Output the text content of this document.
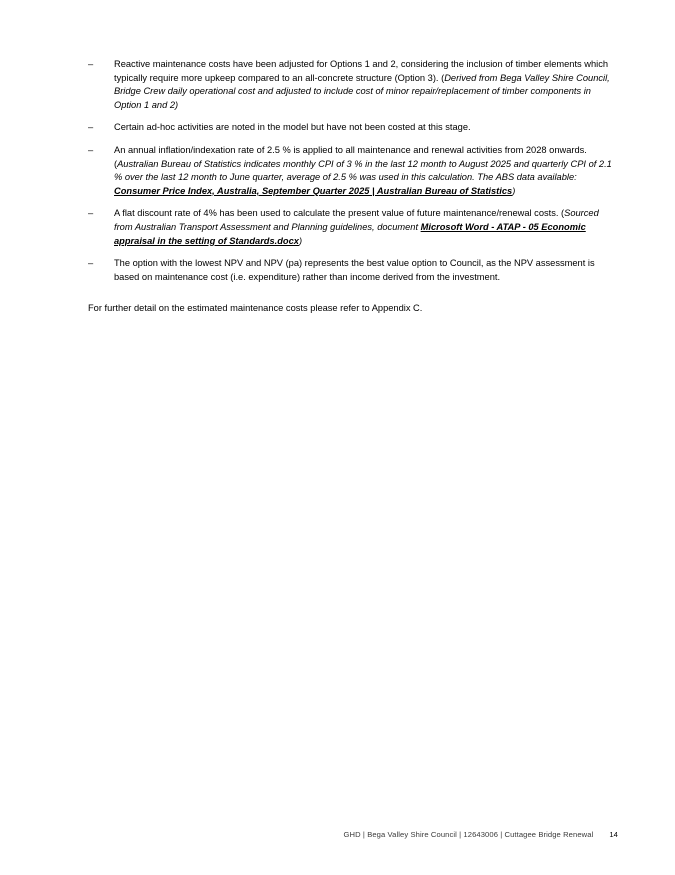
–	Reactive maintenance costs have been adjusted for Options 1 and 2, considering the inclusion of timber elements which typically require more upkeep compared to an all-concrete structure (Option 3). (Derived from Bega Valley Shire Council, Bridge Crew daily operational cost and adjusted to include cost of minor repair/replacement of timber components in Option 1 and 2)
–	Certain ad-hoc activities are noted in the model but have not been costed at this stage.
–	An annual inflation/indexation rate of 2.5 % is applied to all maintenance and renewal activities from 2028 onwards. (Australian Bureau of Statistics indicates monthly CPI of 3 % in the last 12 month to August 2025 and quarterly CPI of 2.1 % over the last 12 month to June quarter, average of 2.5 % was used in this calculation. The ABS data available: Consumer Price Index, Australia, September Quarter 2025 | Australian Bureau of Statistics)
–	A flat discount rate of 4% has been used to calculate the present value of future maintenance/renewal costs. (Sourced from Australian Transport Assessment and Planning guidelines, document Microsoft Word - ATAP - 05 Economic appraisal in the setting of Standards.docx)
–	The option with the lowest NPV and NPV (pa) represents the best value option to Council, as the NPV assessment is based on maintenance cost (i.e. expenditure) rather than income derived from the investment.
For further detail on the estimated maintenance costs please refer to Appendix C.
GHD | Bega Valley Shire Council | 12643006 | Cuttagee Bridge Renewal 14
